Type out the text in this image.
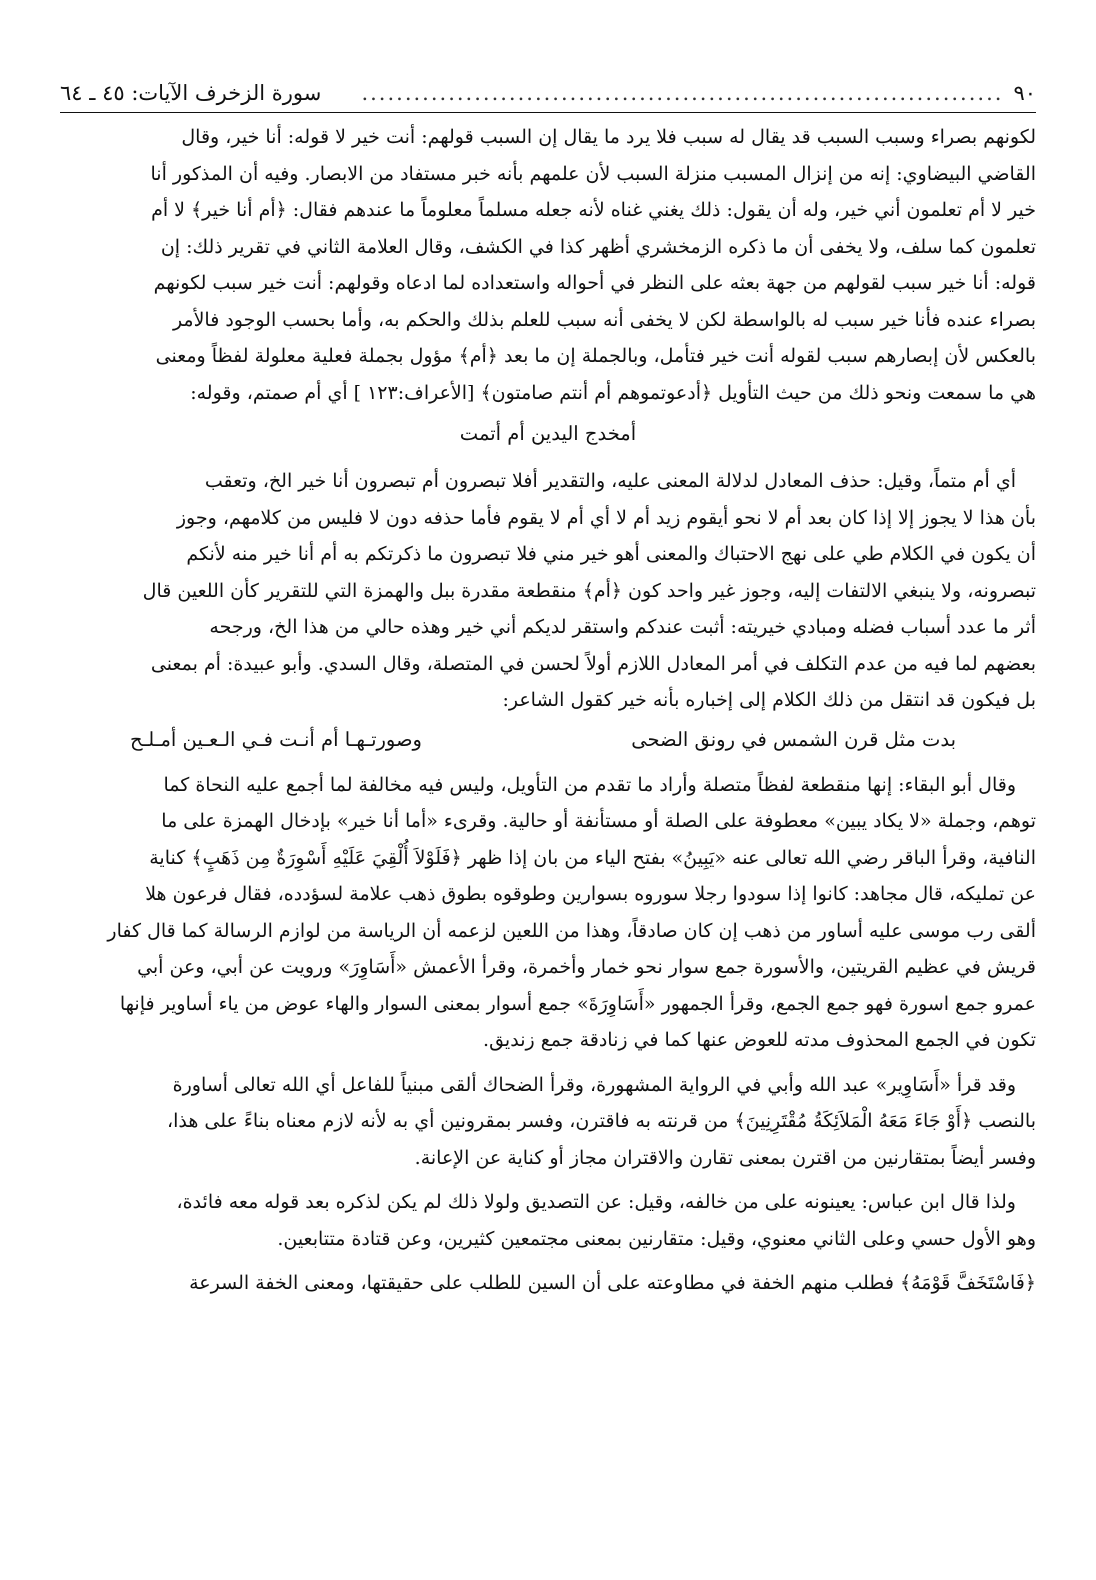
٩٠
..........................................................................
سورة الزخرف الآيات: ٤٥ ـ ٦٤

لكونهم بصراء وسبب السبب قد يقال له سبب فلا يرد ما يقال إن السبب قولهم: أنت خير لا قوله: أنا خير، وقال

القاضي البيضاوي: إنه من إنزال المسبب منزلة السبب لأن علمهم بأنه خبر مستفاد من الابصار. وفيه أن المذكور أنا

خير لا أم تعلمون أني خير، وله أن يقول: ذلك يغني غناه لأنه جعله مسلماً معلوماً ما عندهم فقال: ﴿أم أنا خير﴾ لا أم

تعلمون كما سلف، ولا يخفى أن ما ذكره الزمخشري أظهر كذا في الكشف، وقال العلامة الثاني في تقرير ذلك: إن

قوله: أنا خير سبب لقولهم من جهة بعثه على النظر في أحواله واستعداده لما ادعاه وقولهم: أنت خير سبب لكونهم

بصراء عنده فأنا خير سبب له بالواسطة لكن لا يخفى أنه سبب للعلم بذلك والحكم به، وأما بحسب الوجود فالأمر

بالعكس لأن إبصارهم سبب لقوله أنت خير فتأمل، وبالجملة إن ما بعد ﴿أم﴾ مؤول بجملة فعلية معلولة لفظاً ومعنى

هي ما سمعت ونحو ذلك من حيث التأويل ﴿أدعوتموهم أم أنتم صامتون﴾ [الأعراف:١٢٣ ] أي أم صمتم، وقوله:

أمخدج اليدين أم أتمت

أي أم متماً، وقيل: حذف المعادل لدلالة المعنى عليه، والتقدير أفلا تبصرون أم تبصرون أنا خير الخ، وتعقب

بأن هذا لا يجوز إلا إذا كان بعد أم لا نحو أيقوم زيد أم لا أي أم لا يقوم فأما حذفه دون لا فليس من كلامهم، وجوز

أن يكون في الكلام طي على نهج الاحتباك والمعنى أهو خير مني فلا تبصرون ما ذكرتكم به أم أنا خير منه لأنكم

تبصرونه، ولا ينبغي الالتفات إليه، وجوز غير واحد كون ﴿أم﴾ منقطعة مقدرة ببل والهمزة التي للتقرير كأن اللعين قال

أثر ما عدد أسباب فضله ومبادي خيريته: أثبت عندكم واستقر لديكم أني خير وهذه حالي من هذا الخ، ورجحه

بعضهم لما فيه من عدم التكلف في أمر المعادل اللازم أولاً لحسن في المتصلة، وقال السدي. وأبو عبيدة: أم بمعنى

بل فيكون قد انتقل من ذلك الكلام إلى إخباره بأنه خير كقول الشاعر:

بدت مثل قرن الشمس في رونق الضحى
وصورتـهـا أم أنـت فـي الـعـين أمـلـح

وقال أبو البقاء: إنها منقطعة لفظاً متصلة وأراد ما تقدم من التأويل، وليس فيه مخالفة لما أجمع عليه النحاة كما

توهم، وجملة «لا يكاد يبين» معطوفة على الصلة أو مستأنفة أو حالية. وقرىء «أما أنا خير» بإدخال الهمزة على ما

النافية، وقرأ الباقر رضي الله تعالى عنه «يَبِينُ» بفتح الياء من بان إذا ظهر ﴿فَلَوْلاَ أُلْقِيَ عَلَيْهِ أَسْوِرَةٌ مِن ذَهَبٍ﴾ كناية

عن تمليكه، قال مجاهد: كانوا إذا سودوا رجلا سوروه بسوارين وطوقوه بطوق ذهب علامة لسؤدده، فقال فرعون هلا

ألقى رب موسى عليه أساور من ذهب إن كان صادقاً، وهذا من اللعين لزعمه أن الرياسة من لوازم الرسالة كما قال كفار

قريش في عظيم القريتين، والأسورة جمع سوار نحو خمار وأخمرة، وقرأ الأعمش «أَسَاوِرَ» ورويت عن أبي، وعن أبي

عمرو جمع اسورة فهو جمع الجمع، وقرأ الجمهور «أَسَاوِرَةَ» جمع أسوار بمعنى السوار والهاء عوض من ياء أساوير فإنها

تكون في الجمع المحذوف مدته للعوض عنها كما في زنادقة جمع زنديق.

وقد قرأ «أَسَاوِير» عبد الله وأبي في الرواية المشهورة، وقرأ الضحاك ألقى مبنياً للفاعل أي الله تعالى أساورة

بالنصب ﴿أَوْ جَاءَ مَعَهُ الْمَلاَئِكَةُ مُقْتَرِنِينَ﴾ من قرنته به فاقترن، وفسر بمقرونين أي به لأنه لازم معناه بناءً على هذا،

وفسر أيضاً بمتقارنين من اقترن بمعنى تقارن والاقتران مجاز أو كناية عن الإعانة.

ولذا قال ابن عباس: يعينونه على من خالفه، وقيل: عن التصديق ولولا ذلك لم يكن لذكره بعد قوله معه فائدة،

وهو الأول حسي وعلى الثاني معنوي، وقيل: متقارنين بمعنى مجتمعين كثيرين، وعن قتادة متتابعين.

﴿فَاسْتَخَفَّ قَوْمَهُ﴾ فطلب منهم الخفة في مطاوعته على أن السين للطلب على حقيقتها، ومعنى الخفة السرعة
